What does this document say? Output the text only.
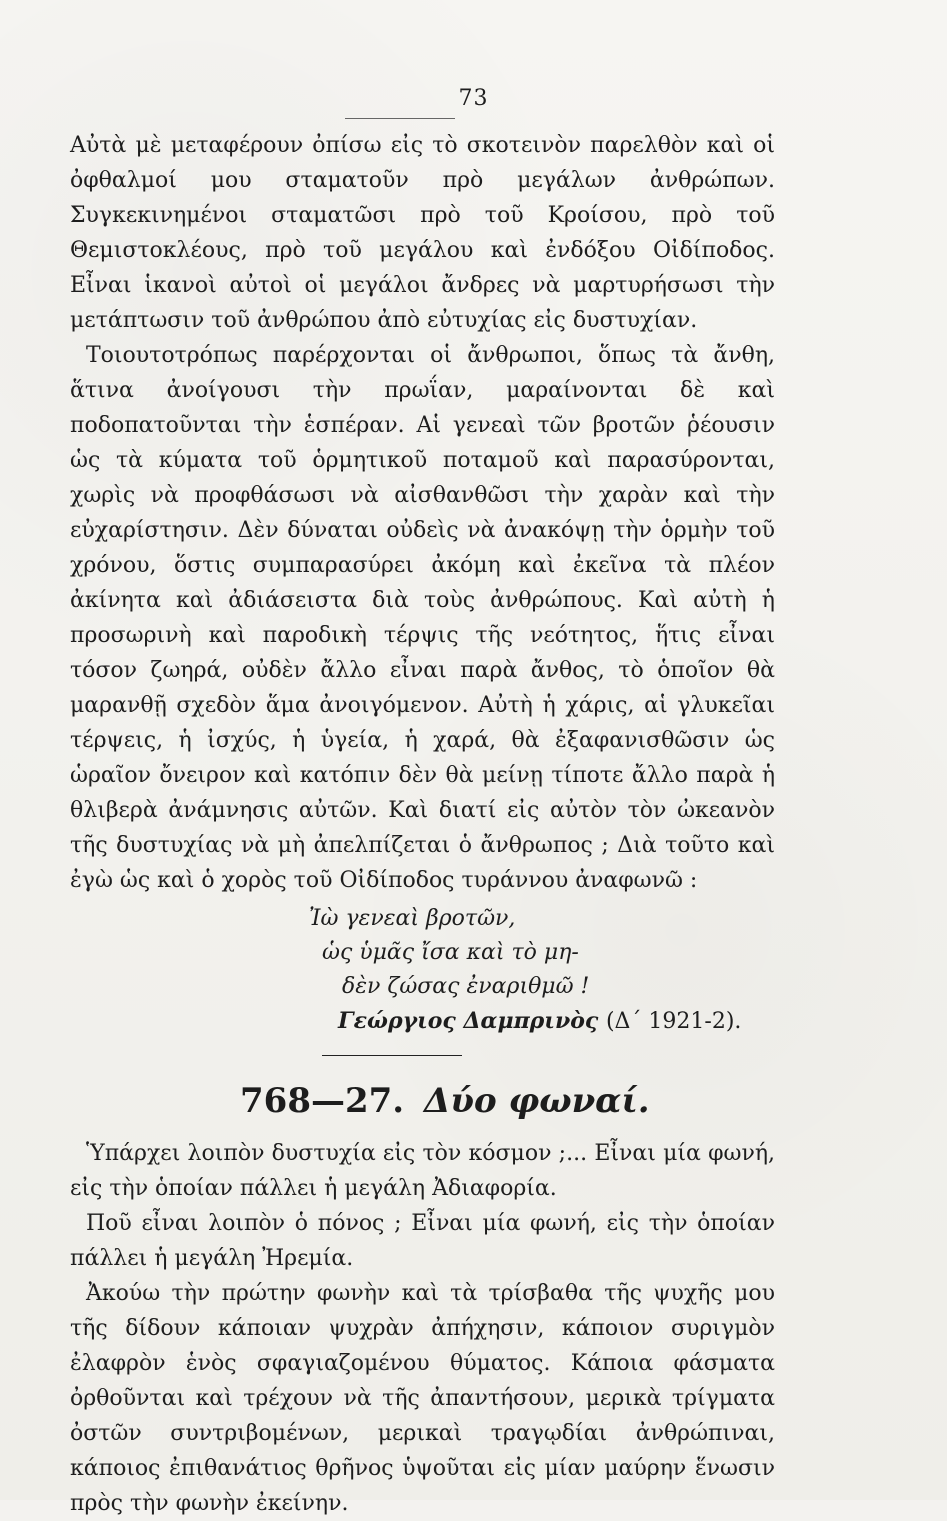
73

Αὐτὰ μὲ μεταφέρουν ὀπίσω εἰς τὸ σκοτεινὸν παρελθὸν καὶ οἱ ὀφθαλμοί μου σταματοῦν πρὸ μεγάλων ἀνθρώπων. Συγκεκινημένοι σταματῶσι πρὸ τοῦ Κροίσου, πρὸ τοῦ Θεμιστοκλέους, πρὸ τοῦ μεγάλου καὶ ἐνδόξου Οἰδίποδος. Εἶναι ἱκανοὶ αὐτοὶ οἱ μεγάλοι ἄνδρες νὰ μαρτυρήσωσι τὴν μετάπτωσιν τοῦ ἀνθρώπου ἀπὸ εὐτυχίας εἰς δυστυχίαν.

Τοιουτοτρόπως παρέρχονται οἱ ἄνθρωποι, ὅπως τὰ ἄνθη, ἅτινα ἀνοίγουσι τὴν πρωΐαν, μαραίνονται δὲ καὶ ποδοπατοῦνται τὴν ἑσπέραν. Αἱ γενεαὶ τῶν βροτῶν ῥέουσιν ὡς τὰ κύματα τοῦ ὁρμητικοῦ ποταμοῦ καὶ παρασύρονται, χωρὶς νὰ προφθάσωσι νὰ αἰσθανθῶσι τὴν χαρὰν καὶ τὴν εὐχαρίστησιν. Δὲν δύναται οὐδεὶς νὰ ἀνακόψῃ τὴν ὁρμὴν τοῦ χρόνου, ὅστις συμπαρασύρει ἀκόμη καὶ ἐκεῖνα τὰ πλέον ἀκίνητα καὶ ἀδιάσειστα διὰ τοὺς ἀνθρώπους. Καὶ αὐτὴ ἡ προσωρινὴ καὶ παροδικὴ τέρψις τῆς νεότητος, ἥτις εἶναι τόσον ζωηρά, οὐδὲν ἄλλο εἶναι παρὰ ἄνθος, τὸ ὁποῖον θὰ μαρανθῇ σχεδὸν ἅμα ἀνοιγόμενον. Αὐτὴ ἡ χάρις, αἱ γλυκεῖαι τέρψεις, ἡ ἰσχύς, ἡ ὑγεία, ἡ χαρά, θὰ ἐξαφανισθῶσιν ὡς ὡραῖον ὄνειρον καὶ κατόπιν δὲν θὰ μείνῃ τίποτε ἄλλο παρὰ ἡ θλιβερὰ ἀνάμνησις αὐτῶν. Καὶ διατί εἰς αὐτὸν τὸν ὠκεανὸν τῆς δυστυχίας νὰ μὴ ἀπελπίζεται ὁ ἄνθρωπος ; Διὰ τοῦτο καὶ ἐγὼ ὡς καὶ ὁ χορὸς τοῦ Οἰδίποδος τυράννου ἀναφωνῶ :

Ἰὼ γενεαὶ βροτῶν,
ὡς ὑμᾶς ἴσα καὶ τὸ μη-
δὲν ζώσας ἐναριθμῶ !
Γεώργιος Δαμπρινὸς (Δ΄ 1921-2).
768—27. Δύο φωναί.

Ὑπάρχει λοιπὸν δυστυχία εἰς τὸν κόσμον ;... Εἶναι μία φωνή, εἰς τὴν ὁποίαν πάλλει ἡ μεγάλη Ἀδιαφορία.

Ποῦ εἶναι λοιπὸν ὁ πόνος ; Εἶναι μία φωνή, εἰς τὴν ὁποίαν πάλλει ἡ μεγάλη Ἠρεμία.

Ἀκούω τὴν πρώτην φωνὴν καὶ τὰ τρίσβαθα τῆς ψυχῆς μου τῆς δίδουν κάποιαν ψυχρὰν ἀπήχησιν, κάποιον συριγμὸν ἐλαφρὸν ἑνὸς σφαγιαζομένου θύματος. Κάποια φάσματα ὀρθοῦνται καὶ τρέχουν νὰ τῆς ἀπαντήσουν, μερικὰ τρίγματα ὀστῶν συντριβομένων, μερικαὶ τραγῳδίαι ἀνθρώπιναι, κάποιος ἐπιθανάτιος θρῆνος ὑψοῦται εἰς μίαν μαύρην ἕνωσιν πρὸς τὴν φωνὴν ἐκείνην.
